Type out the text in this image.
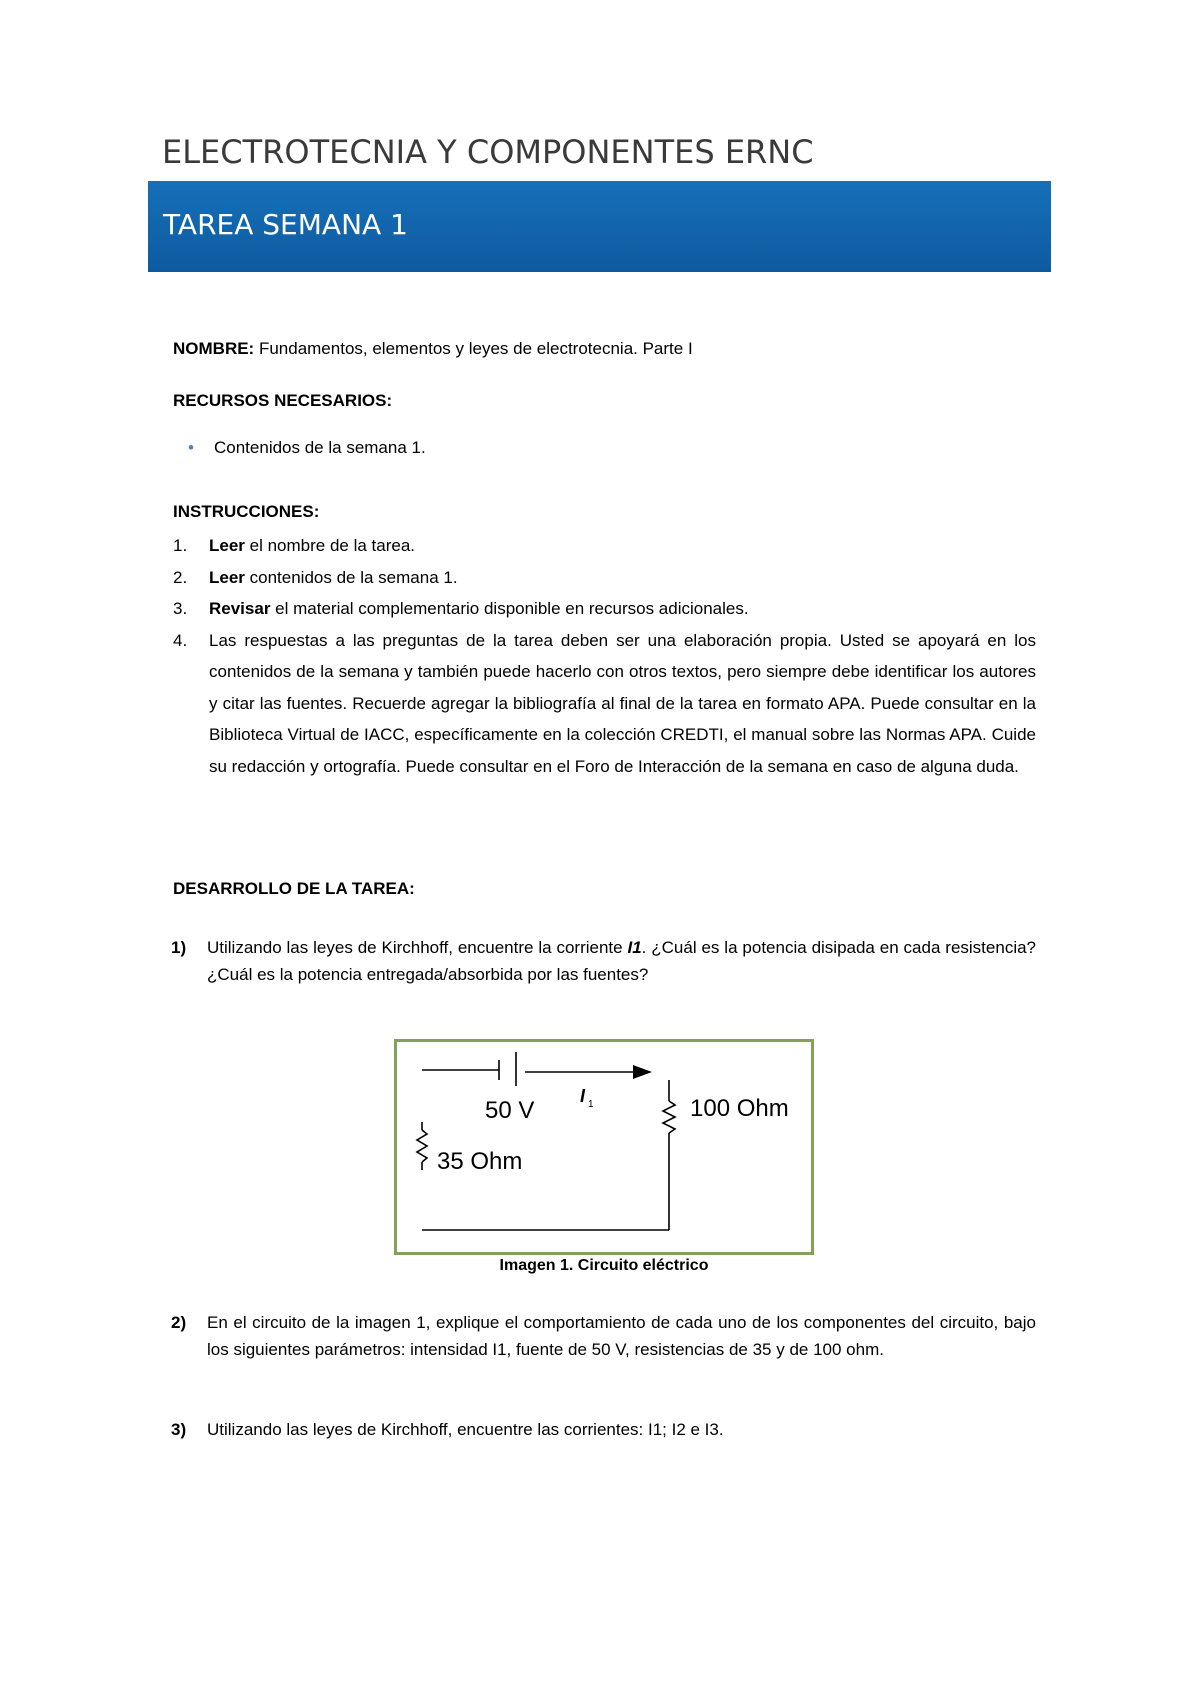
ELECTROTECNIA Y COMPONENTES ERNC
TAREA SEMANA 1
NOMBRE: Fundamentos, elementos y leyes de electrotecnia. Parte I
RECURSOS NECESARIOS:
• Contenidos de la semana 1.
INSTRUCCIONES:
1. Leer el nombre de la tarea.
2. Leer contenidos de la semana 1.
3. Revisar el material complementario disponible en recursos adicionales.
4. Las respuestas a las preguntas de la tarea deben ser una elaboración propia. Usted se apoyará en los contenidos de la semana y también puede hacerlo con otros textos, pero siempre debe identificar los autores y citar las fuentes. Recuerde agregar la bibliografía al final de la tarea en formato APA. Puede consultar en la Biblioteca Virtual de IACC, específicamente en la colección CREDTI, el manual sobre las Normas APA. Cuide su redacción y ortografía. Puede consultar en el Foro de Interacción de la semana en caso de alguna duda.
DESARROLLO DE LA TAREA:
1) Utilizando las leyes de Kirchhoff, encuentre la corriente I1. ¿Cuál es la potencia disipada en cada resistencia? ¿Cuál es la potencia entregada/absorbida por las fuentes?
50 V
I 1	100 Ohm
35 Ohm
Imagen 1. Circuito eléctrico
2) En el circuito de la imagen 1, explique el comportamiento de cada uno de los componentes del circuito, bajo los siguientes parámetros: intensidad I1, fuente de 50 V, resistencias de 35 y de 100 ohm.
3) Utilizando las leyes de Kirchhoff, encuentre las corrientes: I1; I2 e I3.
